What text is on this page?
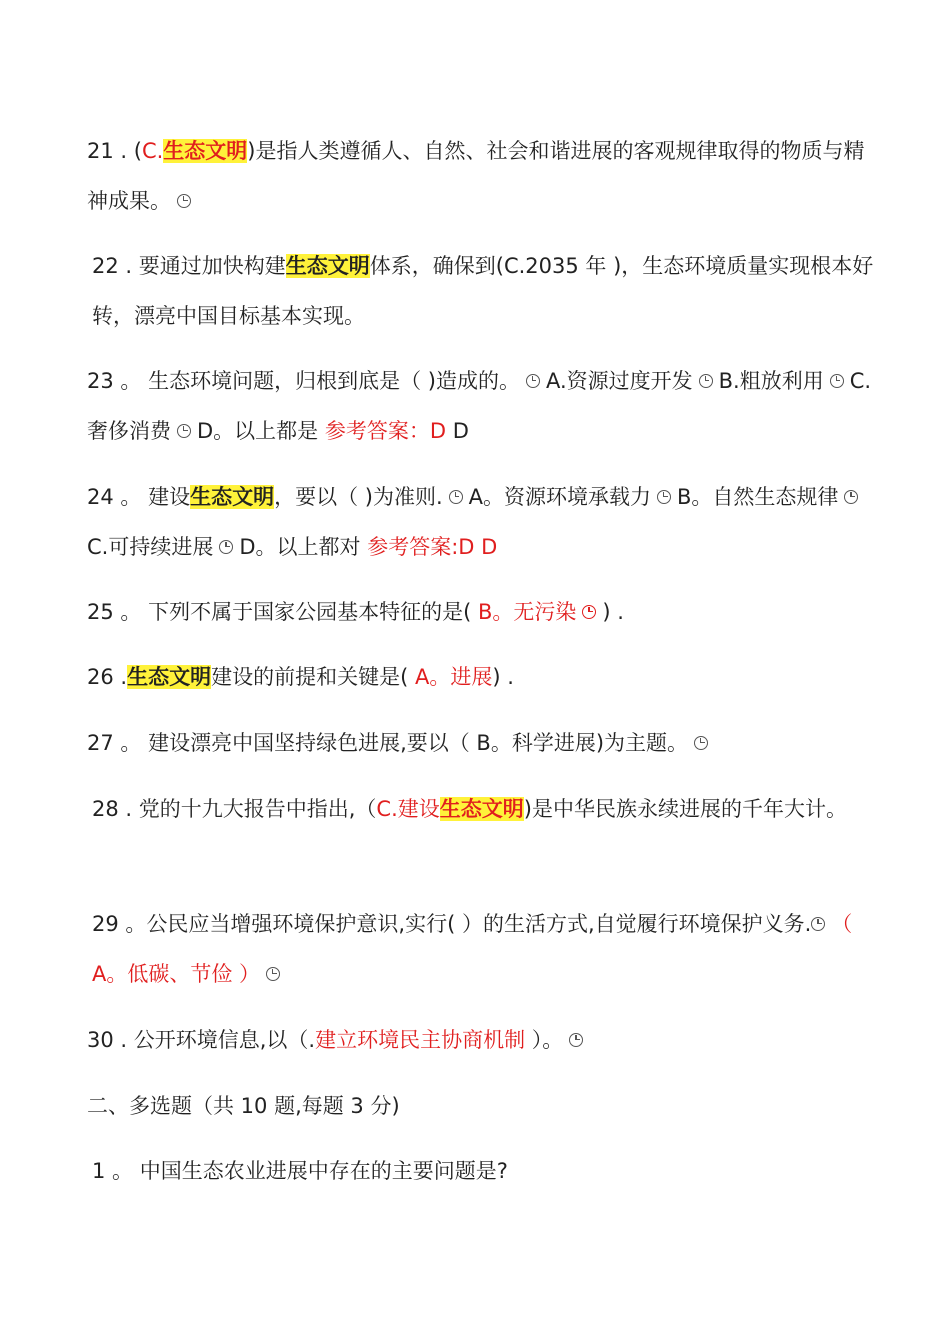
21 . (C.生态文明)是指人类遵循人、自然、社会和谐进展的客观规律取得的物质与精神成果。
22 . 要通过加快构建生态文明体系，确保到(C.2035 年 )，生态环境质量实现根本好转，漂亮中国目标基本实现。
23 。 生态环境问题，归根到底是（ )造成的。 A.资源过度开发 B.粗放利用 C.奢侈消费 D。以上都是 参考答案：D D
24 。 建设生态文明，要以（ )为准则. A。资源环境承载力 B。自然生态规律C.可持续进展 D。以上都对 参考答案:D D
25 。 下列不属于国家公园基本特征的是( B。无污染 ) .
26 .生态文明建设的前提和关键是( A。进展) .
27 。 建设漂亮中国坚持绿色进展,要以（ B。科学进展)为主题。
28 . 党的十九大报告中指出,（C.建设生态文明)是中华民族永续进展的千年大计。
29 。公民应当增强环境保护意识,实行( ）的生活方式,自觉履行环境保护义务. （ A。低碳、节俭 ）
30 . 公开环境信息,以（.建立环境民主协商机制 ）。
二、多选题（共 10 题,每题 3 分)
1 。 中国生态农业进展中存在的主要问题是?
